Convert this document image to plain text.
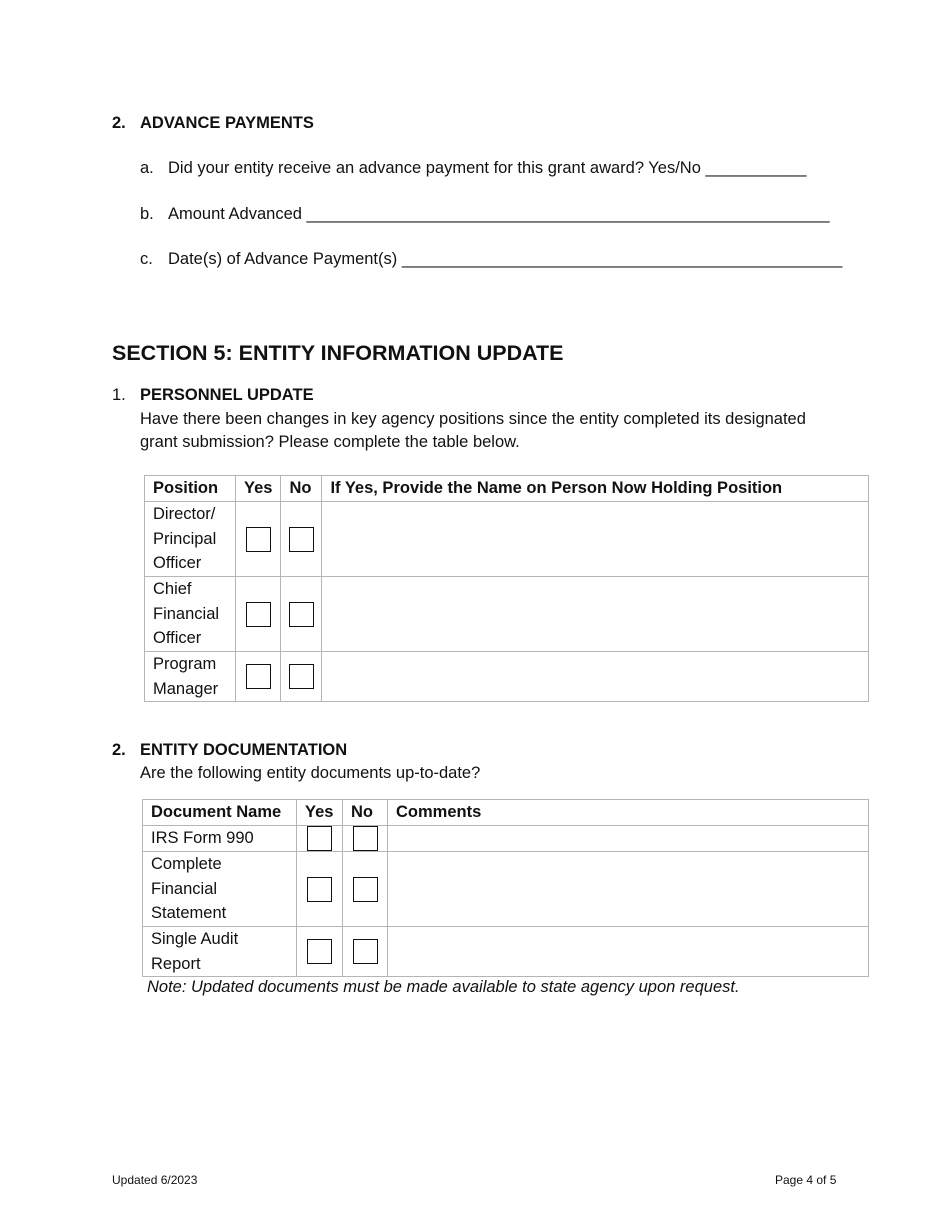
2. ADVANCE PAYMENTS
a. Did your entity receive an advance payment for this grant award? Yes/No ___________
b. Amount Advanced _________________________________________________________
c. Date(s) of Advance Payment(s) ________________________________________________
SECTION 5: ENTITY INFORMATION UPDATE
1. PERSONNEL UPDATE
Have there been changes in key agency positions since the entity completed its designated grant submission? Please complete the table below.
Position	Yes	No	If Yes, Provide the Name on Person Now Holding Position

Director/
Principal
Officer			

Chief
Financial
Officer			

Program
Manager			

2. ENTITY DOCUMENTATION
Are the following entity documents up-to-date?
Document Name	Yes	No	Comments

IRS Form 990			

Complete
Financial
Statement			

Single Audit
Report			

Note: Updated documents must be made available to state agency upon request.
Updated 6/2023	Page 4 of 5
